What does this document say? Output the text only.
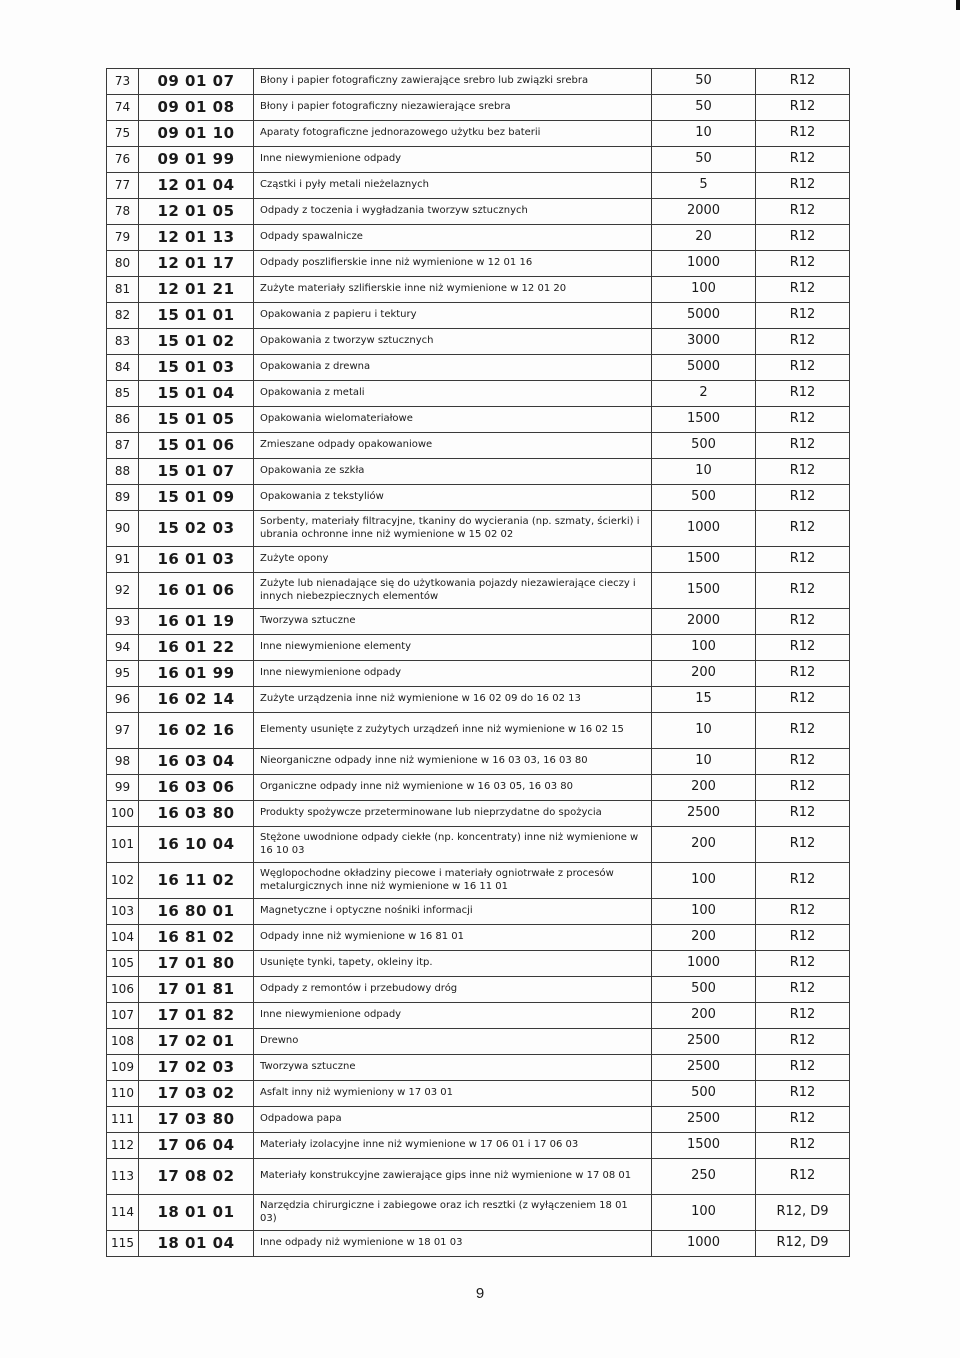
73	09 01 07	Błony i papier fotograficzny zawierające srebro lub związki srebra	50	R12
74	09 01 08	Błony i papier fotograficzny niezawierające srebra	50	R12
75	09 01 10	Aparaty fotograficzne jednorazowego użytku bez baterii	10	R12
76	09 01 99	Inne niewymienione odpady	50	R12
77	12 01 04	Cząstki i pyły metali nieżelaznych	5	R12
78	12 01 05	Odpady z toczenia i wygładzania tworzyw sztucznych	2000	R12
79	12 01 13	Odpady spawalnicze	20	R12
80	12 01 17	Odpady poszlifierskie inne niż wymienione w 12 01 16	1000	R12
81	12 01 21	Zużyte materiały szlifierskie inne niż wymienione w 12 01 20	100	R12
82	15 01 01	Opakowania z papieru i tektury	5000	R12
83	15 01 02	Opakowania z tworzyw sztucznych	3000	R12
84	15 01 03	Opakowania z drewna	5000	R12
85	15 01 04	Opakowania z metali	2	R12
86	15 01 05	Opakowania wielomateriałowe	1500	R12
87	15 01 06	Zmieszane odpady opakowaniowe	500	R12
88	15 01 07	Opakowania ze szkła	10	R12
89	15 01 09	Opakowania z tekstyliów	500	R12
90	15 02 03	Sorbenty, materiały filtracyjne, tkaniny do wycierania (np. szmaty, ścierki) i ubrania ochronne inne niż wymienione w 15 02 02	1000	R12
91	16 01 03	Zużyte opony	1500	R12
92	16 01 06	Zużyte lub nienadające się do użytkowania pojazdy niezawierające cieczy i innych niebezpiecznych elementów	1500	R12
93	16 01 19	Tworzywa sztuczne	2000	R12
94	16 01 22	Inne niewymienione elementy	100	R12
95	16 01 99	Inne niewymienione odpady	200	R12
96	16 02 14	Zużyte urządzenia inne niż wymienione w 16 02 09 do 16 02 13	15	R12
97	16 02 16	Elementy usunięte z zużytych urządzeń inne niż wymienione w 16 02 15	10	R12
98	16 03 04	Nieorganiczne odpady inne niż wymienione w 16 03 03, 16 03 80	10	R12
99	16 03 06	Organiczne odpady inne niż wymienione w 16 03 05, 16 03 80	200	R12
100	16 03 80	Produkty spożywcze przeterminowane lub nieprzydatne do spożycia	2500	R12
101	16 10 04	Stężone uwodnione odpady ciekłe (np. koncentraty) inne niż wymienione w 16 10 03	200	R12
102	16 11 02	Węglopochodne okładziny piecowe i materiały ogniotrwałe z procesów metalurgicznych inne niż wymienione w 16 11 01	100	R12
103	16 80 01	Magnetyczne i optyczne nośniki informacji	100	R12
104	16 81 02	Odpady inne niż wymienione w 16 81 01	200	R12
105	17 01 80	Usunięte tynki, tapety, okleiny itp.	1000	R12
106	17 01 81	Odpady z remontów i przebudowy dróg	500	R12
107	17 01 82	Inne niewymienione odpady	200	R12
108	17 02 01	Drewno	2500	R12
109	17 02 03	Tworzywa sztuczne	2500	R12
110	17 03 02	Asfalt inny niż wymieniony w 17 03 01	500	R12
111	17 03 80	Odpadowa papa	2500	R12
112	17 06 04	Materiały izolacyjne inne niż wymienione w 17 06 01 i 17 06 03	1500	R12
113	17 08 02	Materiały konstrukcyjne zawierające gips inne niż wymienione w 17 08 01	250	R12
114	18 01 01	Narzędzia chirurgiczne i zabiegowe oraz ich resztki (z wyłączeniem 18 01 03)	100	R12, D9
115	18 01 04	Inne odpady niż wymienione w 18 01 03	1000	R12, D9
9
